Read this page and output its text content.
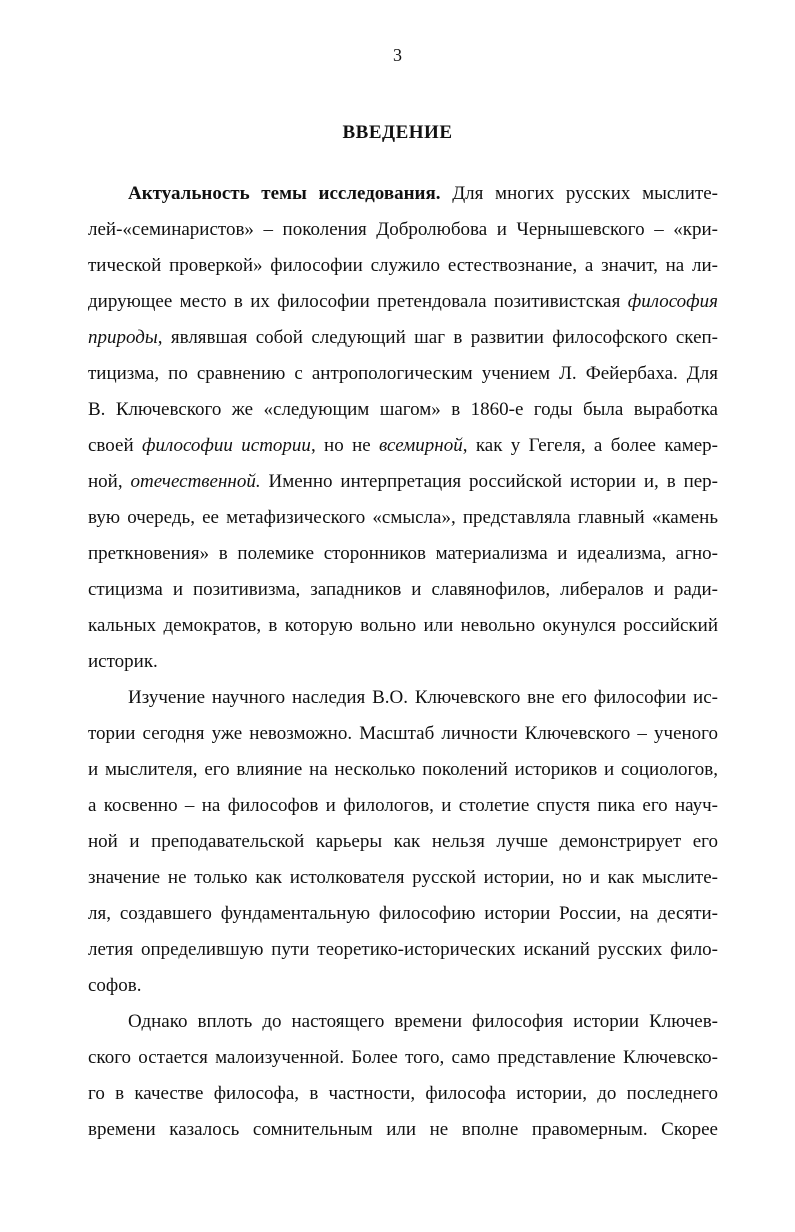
3
ВВЕДЕНИЕ
Актуальность темы исследования. Для многих русских мыслите-
лей-«семинаристов» – поколения Добролюбова и Чернышевского – «кри-
тической проверкой» философии служило естествознание, а значит, на ли-
дирующее место в их философии претендовала позитивистская философия
природы, являвшая собой следующий шаг в развитии философского скеп-
тицизма, по сравнению с антропологическим учением Л. Фейербаха. Для
В. Ключевского же «следующим шагом» в 1860-е годы была выработка
своей философии истории, но не всемирной, как у Гегеля, а более камер-
ной, отечественной. Именно интерпретация российской истории и, в пер-
вую очередь, ее метафизического «смысла», представляла главный «камень
преткновения» в полемике сторонников материализма и идеализма, агно-
стицизма и позитивизма, западников и славянофилов, либералов и ради-
кальных демократов, в которую вольно или невольно окунулся российский
историк.
Изучение научного наследия В.О. Ключевского вне его философии ис-
тории сегодня уже невозможно. Масштаб личности Ключевского – ученого
и мыслителя, его влияние на несколько поколений историков и социологов,
а косвенно – на философов и филологов, и столетие спустя пика его науч-
ной и преподавательской карьеры как нельзя лучше демонстрирует его
значение не только как истолкователя русской истории, но и как мыслите-
ля, создавшего фундаментальную философию истории России, на десяти-
летия определившую пути теоретико-исторических исканий русских фило-
софов.
Однако вплоть до настоящего времени философия истории Ключев-
ского остается малоизученной. Более того, само представление Ключевско-
го в качестве философа, в частности, философа истории, до последнего
времени казалось сомнительным или не вполне правомерным. Скорее
